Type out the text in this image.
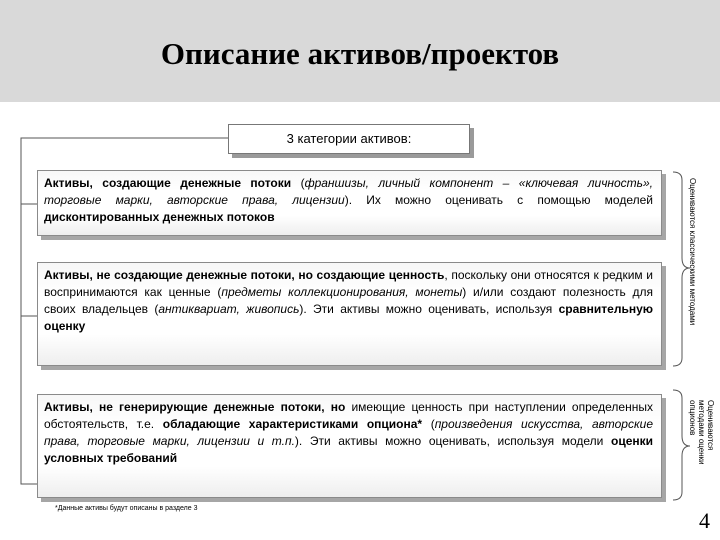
Описание активов/проектов
3 категории активов:
Активы, создающие денежные потоки (франшизы, личный компонент – «ключевая личность», торговые марки, авторские права, лицензии). Их можно оценивать с помощью моделей дисконтированных денежных потоков
Активы, не создающие денежные потоки, но создающие ценность, поскольку они относятся к редким и воспринимаются как ценные (предметы коллекционирования, монеты) и/или создают полезность для своих владельцев (антиквариат, живопись). Эти активы можно оценивать, используя сравнительную оценку
Активы, не генерирующие денежные потоки, но имеющие ценность при наступлении определенных обстоятельств, т.е. обладающие характеристиками опциона* (произведения искусства, авторские права, торговые марки, лицензии и т.п.). Эти активы можно оценивать, используя модели оценки условных требований
*Данные активы будут описаны в разделе 3
Оцениваются классическими методами
Оцениваются
методами оценки
опционов
4
